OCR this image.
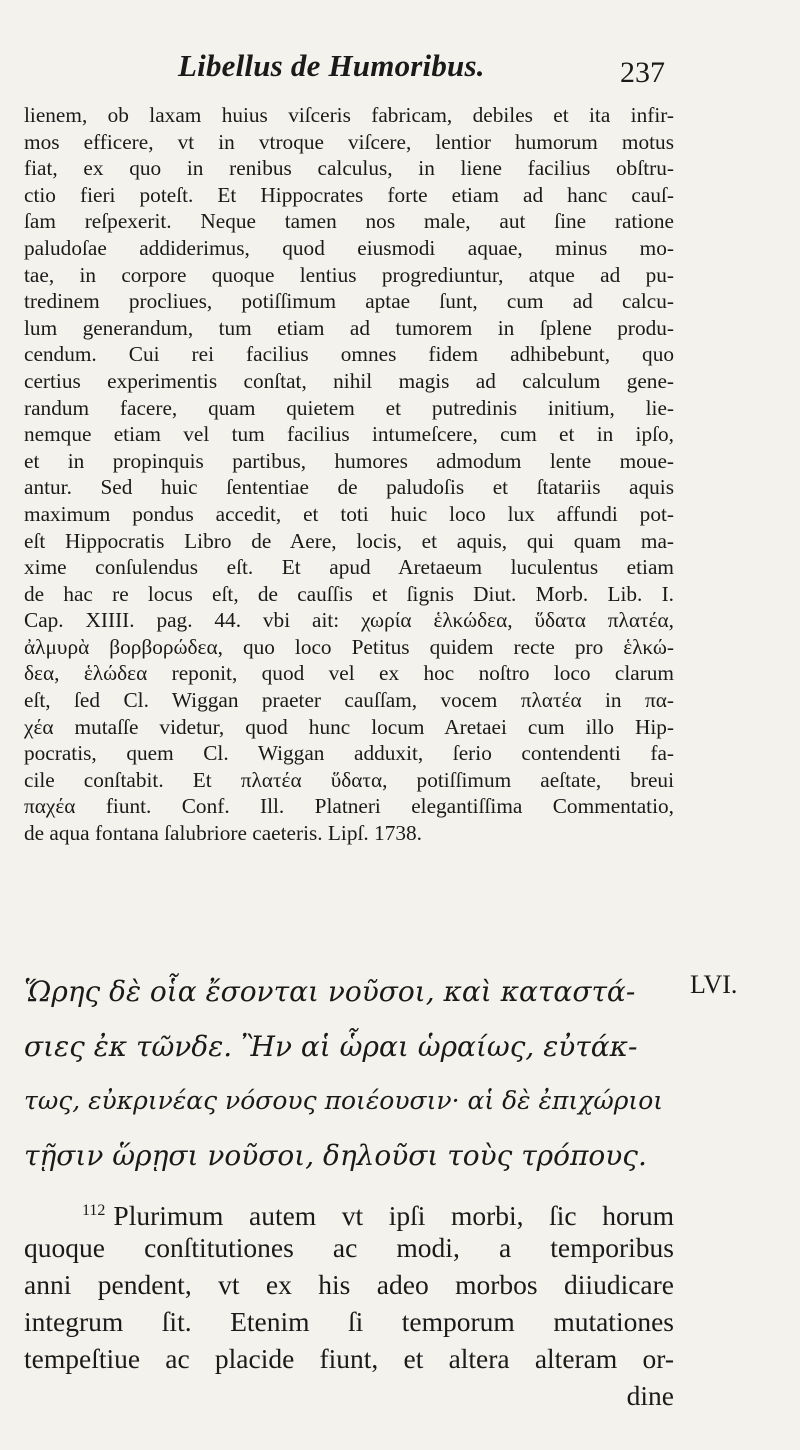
Libellus de Humoribus.	237
lienem, ob laxam huius viſceris fabricam, debiles et ita infir-
mos efficere, vt in vtroque viſcere, lentior humorum motus
fiat, ex quo in renibus calculus, in liene facilius obſtru-
ctio fieri poteſt. Et Hippocrates forte etiam ad hanc cauſ-
ſam reſpexerit. Neque tamen nos male, aut ſine ratione
paludoſae addiderimus, quod eiusmodi aquae, minus mo-
tae, in corpore quoque lentius progrediuntur, atque ad pu-
tredinem procliues, potiſſimum aptae ſunt, cum ad calcu-
lum generandum, tum etiam ad tumorem in ſplene produ-
cendum. Cui rei facilius omnes fidem adhibebunt, quo
certius experimentis conſtat, nihil magis ad calculum gene-
randum facere, quam quietem et putredinis initium, lie-
nemque etiam vel tum facilius intumeſcere, cum et in ipſo,
et in propinquis partibus, humores admodum lente moue-
antur. Sed huic ſententiae de paludoſis et ſtatariis aquis
maximum pondus accedit, et toti huic loco lux affundi pot-
eſt Hippocratis Libro de Aere, locis, et aquis, qui quam ma-
xime conſulendus eſt. Et apud Aretaeum luculentus etiam
de hac re locus eſt, de cauſſis et ſignis Diut. Morb. Lib. I.
Cap. XIIII. pag. 44. vbi ait: χωρία ἑλκώδεα, ὕδατα πλατέα,
ἀλμυρὰ βορβορώδεα, quo loco Petitus quidem recte pro ἑλκώ-
δεα, ἑλώδεα reponit, quod vel ex hoc noſtro loco clarum
eſt, ſed Cl. Wiggan praeter cauſſam, vocem πλατέα in πα-
χέα mutaſſe videtur, quod hunc locum Aretaei cum illo Hip-
pocratis, quem Cl. Wiggan adduxit, ſerio contendenti fa-
cile conſtabit. Et πλατέα ὕδατα, potiſſimum aeſtate, breui
παχέα fiunt. Conf. Ill. Platneri elegantiſſima Commentatio,
de aqua fontana ſalubriore caeteris. Lipſ. 1738.
Ὥρης δὲ οἷα ἔσονται νοῦσοι, καὶ καταστά-
σιες ἐκ τῶνδε. Ἢν αἱ ὧραι ὡραίως, εὐτάκ-
τως, εὐκρινέας νόσους ποιέουσιν· αἱ δὲ ἐπιχώριοι
τῇσιν ὥρῃσι νοῦσοι, δηλοῦσι τοὺς τρόπους.
LVI.
$^{112}$ Plurimum autem vt ipſi morbi, ſic horum
quoque conſtitutiones ac modi, a temporibus
anni pendent, vt ex his adeo morbos diiudicare
integrum ſit. Etenim ſi temporum mutationes
tempeſtiue ac placide fiunt, et altera alteram or-
dine
